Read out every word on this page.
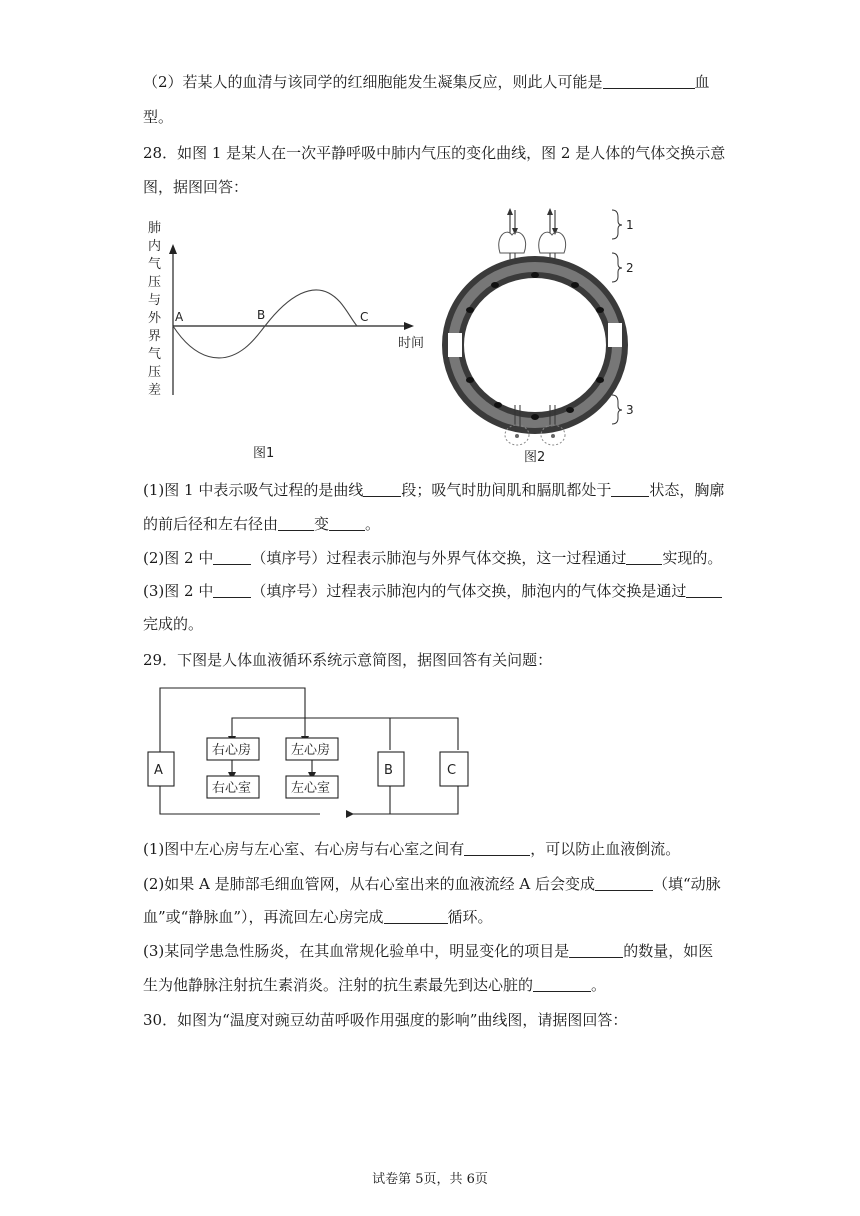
（2）若某人的血清与该同学的红细胞能发生凝集反应，则此人可能是	血
型。
28．如图 1 是某人在一次平静呼吸中肺内气压的变化曲线，图 2 是人体的气体交换示意
图，据图回答：
肺
内
气
压
与
外
界
气
压
差
时间
A	B	C
图1
1
2
3
图2
(1)图 1 中表示吸气过程的是曲线	段；吸气时肋间肌和膈肌都处于	状态，胸廓
的前后径和左右径由 变 。
(2)图 2 中	（填序号）过程表示肺泡与外界气体交换，这一过程通过 实现的。
(3)图 2 中	（填序号）过程表示肺泡内的气体交换，肺泡内的气体交换是通过
完成的。
29．下图是人体血液循环系统示意简图，据图回答有关问题：
A	B	C
右心房	左心房
右心室	左心室
(1)图中左心房与左心室、右心房与右心室之间有	，可以防止血液倒流。
(2)如果 A 是肺部毛细血管网，从右心室出来的血液流经 A 后会变成	（填“动脉
血”或“静脉血”），再流回左心房完成	循环。
(3)某同学患急性肠炎，在其血常规化验单中，明显变化的项目是	的数量，如医
生为他静脉注射抗生素消炎。注射的抗生素最先到达心脏的	。
30．如图为“温度对豌豆幼苗呼吸作用强度的影响”曲线图，请据图回答：
试卷第 5页，共 6页
